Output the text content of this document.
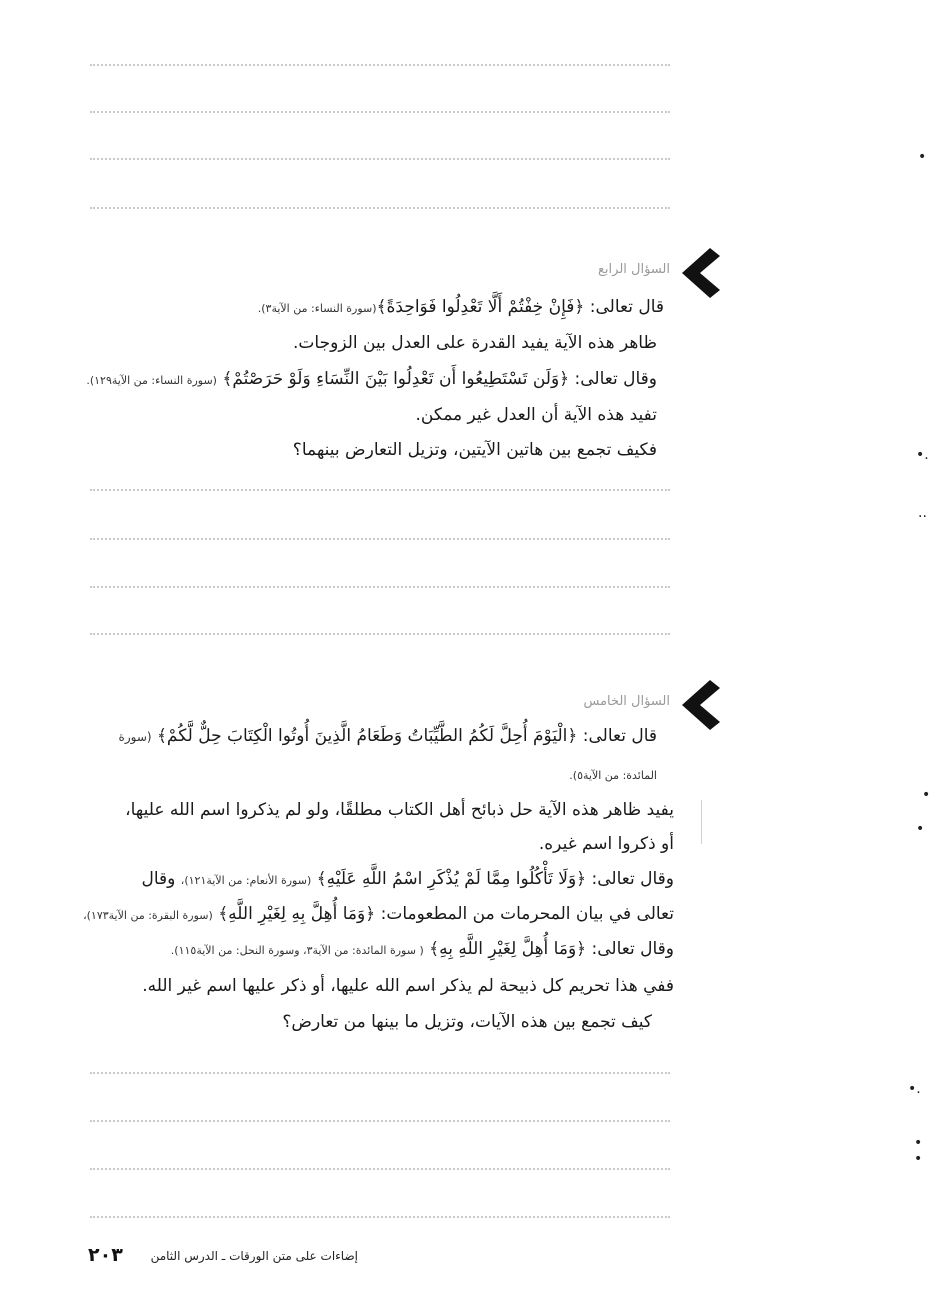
السؤال الرابع
قال تعالى: ﴿فَإِنْ خِفْتُمْ أَلَّا تَعْدِلُوا فَوَاحِدَةً﴾(سورة النساء: من الآية٣).
ظاهر هذه الآية يفيد القدرة على العدل بين الزوجات.
وقال تعالى: ﴿وَلَن تَسْتَطِيعُوا أَن تَعْدِلُوا بَيْنَ النِّسَاءِ وَلَوْ حَرَصْتُمْ﴾ (سورة النساء: من الآية١٢٩).
تفيد هذه الآية أن العدل غير ممكن.
فكيف تجمع بين هاتين الآيتين، وتزيل التعارض بينهما؟
السؤال الخامس
قال تعالى: ﴿الْيَوْمَ أُحِلَّ لَكُمُ الطَّيِّبَاتُ وَطَعَامُ الَّذِينَ أُوتُوا الْكِتَابَ حِلٌّ لَّكُمْ﴾ (سورة
المائدة: من الآية٥).
يفيد ظاهر هذه الآية حل ذبائح أهل الكتاب مطلقًا، ولو لم يذكروا اسم الله عليها،
أو ذكروا اسم غيره.
وقال تعالى: ﴿وَلَا تَأْكُلُوا مِمَّا لَمْ يُذْكَرِ اسْمُ اللَّهِ عَلَيْهِ﴾ (سورة الأنعام: من الآية١٢١)، وقال
تعالى في بيان المحرمات من المطعومات: ﴿وَمَا أُهِلَّ بِهِ لِغَيْرِ اللَّهِ﴾ (سورة البقرة: من الآية١٧٣)،
وقال تعالى: ﴿وَمَا أُهِلَّ لِغَيْرِ اللَّهِ بِهِ﴾ ( سورة المائدة: من الآية٣، وسورة النحل: من الآية١١٥).
ففي هذا تحريم كل ذبيحة لم يذكر اسم الله عليها، أو ذكر عليها اسم غير الله.
كيف تجمع بين هذه الآيات، وتزيل ما بينها من تعارض؟
•
•.
..
•
•
•.
•
•
إضاءات على متن الورقات ـ الدرس الثامن
٢٠٣
